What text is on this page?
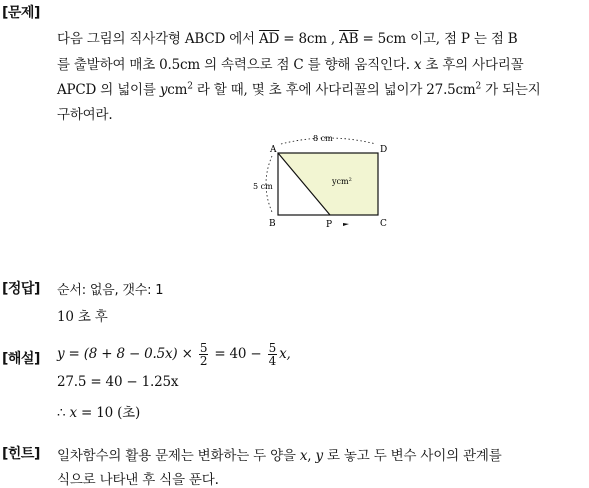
[문제]
다음 그림의 직사각형 ABCD 에서 $\overline{AD} = 8cm$ , $\overline{AB} = 5cm$ 이고, 점 P 는 점 B
를 출발하여 매초 0.5cm 의 속력으로 점 C 를 향해 움직인다. x 초 후의 사다리꼴
APCD 의 넓이를 ycm$^2$ 라 할 때, 몇 초 후에 사다리꼴의 넓이가 $27.5cm^2$ 가 되는지
구하여라.
A	D
B	C
P
8 cm
5 cm
ycm$^2$
[정답] 순서: 없음, 갯수: 1
10 초 후
[해설] $y = (8 + 8 - 0.5x) \times \frac{5}{2} = 40 - \frac{5}{4} x$,
27.5 = 40 − 1.25x
∴ x = 10 (초)
[힌트] 일차함수의 활용 문제는 변화하는 두 양을 x, y 로 놓고 두 변수 사이의 관계를
식으로 나타낸 후 식을 푼다.
